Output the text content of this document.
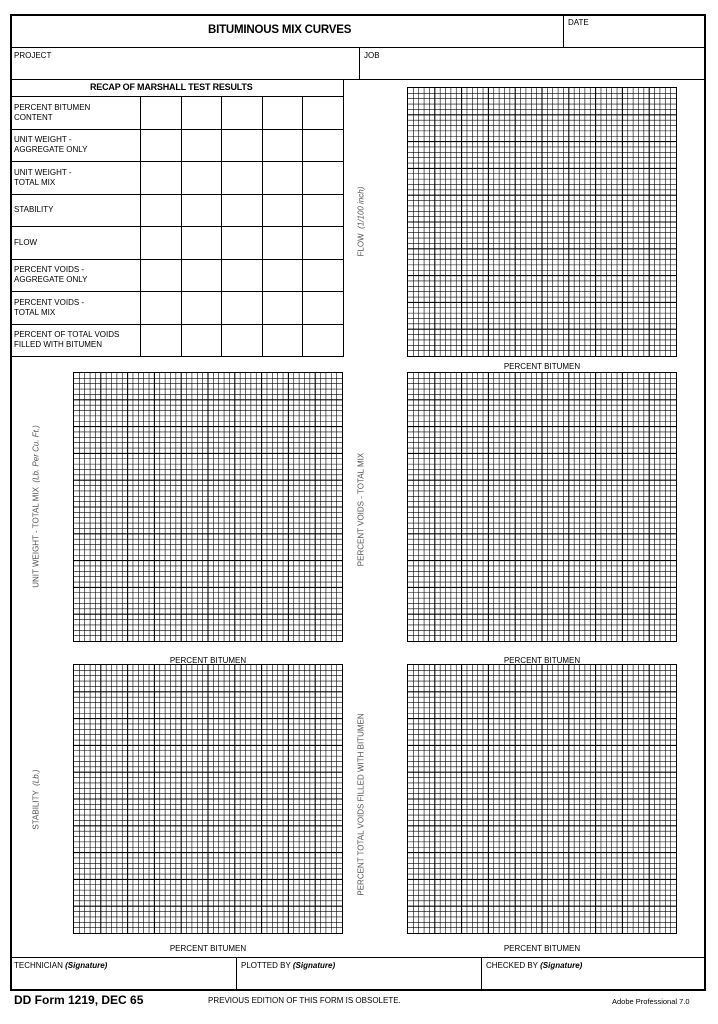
BITUMINOUS MIX CURVES
DATE
PROJECT	JOB
RECAP OF MARSHALL TEST RESULTS
PERCENT BITUMEN
CONTENT					

UNIT WEIGHT -
AGGREGATE ONLY					

UNIT WEIGHT -
TOTAL MIX					

STABILITY					

FLOW					

PERCENT VOIDS -
AGGREGATE ONLY					

PERCENT VOIDS -
TOTAL MIX					

PERCENT OF TOTAL VOIDS
FILLED WITH BITUMEN					

FLOW  (1/100 inch)
PERCENT BITUMEN
UNIT WEIGHT - TOTAL MIX  (Lb. Per Cu. Ft.)
PERCENT BITUMEN
PERCENT VOIDS - TOTAL MIX
PERCENT BITUMEN
STABILITY  (Lb.)
PERCENT BITUMEN
PERCENT TOTAL VOIDS FILLED WITH BITUMEN
PERCENT BITUMEN
TECHNICIAN (Signature)	PLOTTED BY (Signature)	CHECKED BY (Signature)
DD Form 1219, DEC 65	PREVIOUS EDITION OF THIS FORM IS OBSOLETE.	Adobe Professional 7.0
